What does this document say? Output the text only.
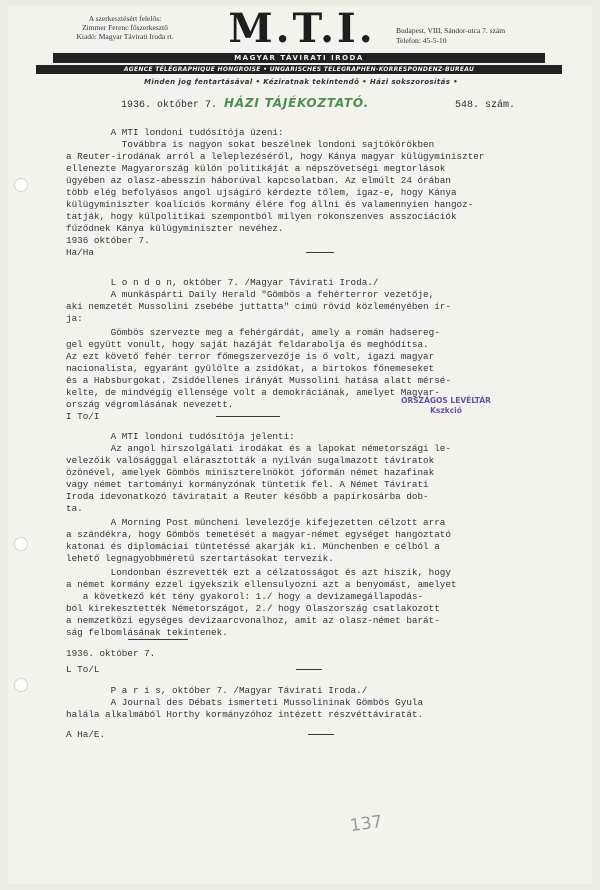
A szerkesztésért felelős:
Zimmer Ferenc főszerkesztő
Kiadó: Magyar Távirati Iroda rt.	M.T.I.	Budapest, VIII, Sándor-utca 7. szám
Telefon: 45-5-10
MAGYAR TÁVIRATI IRODA
AGENCE TÉLÉGRAPHIQUE HONGROISE • UNGARISCHES TELEGRAPHEN-KORRESPONDENZ-BUREAU
Minden jog fentartásával • Kéziratnak tekintendő • Házi sokszorosítás •
1936. október 7. HÁZI TÁJÉKOZTATÓ.	548. szám.
A MTI londoni tudósítója üzeni:
Továbbra is nagyon sokat beszélnek londoni sajtókörökben
a Reuter-irodának arról a leleplezéséről, hogy Kánya magyar külügyminiszter
ellenezte Magyarország külön politikáját a népszövetségi megtorlások
ügyében az olasz-abesszin háborúval kapcsolatban. Az elmúlt 24 órában
több elég befolyásos angol ujságíró kérdezte tőlem, igaz-e, hogy Kánya
külügyminiszter koalíciós kormány élére fog állni és valamennyien hangoz-
tatják, hogy külpolitikai szempontból milyen rokonszenves asszociációk
fűződnek Kánya külügyminiszter nevéhez.
1936 október 7.
Ha/Ha
L o n d o n, október 7. /Magyar Távirati Iroda./
A munkáspárti Daily Herald "Gömbös a fehérterror vezetője,
aki nemzetét Mussolini zsebébe juttatta" cimü rövid közleményében ír-
ja:
Gömbös szervezte meg a fehérgárdát, amely a román hadsereg-
gel együtt vonult, hogy saját hazáját feldarabolja és meghódítsa.
Az ezt követő fehér terror főmegszervezője is ő volt, igazi magyar
nacionalista, egyaránt gyülölte a zsidókat, a birtokos főnemeseket
és a Habsburgokat. Zsidóellenes irányát Mussolini hatása alatt mérsé-
kelte, de mindvégig ellensége volt a demokráciának, amelyet Magyar-
ország végromlásának nevezett.
I To/I
ORSZÁGOS LEVÉLTÁR
Kszkció
A MTI londoni tudósítója jelenti:
Az angol hírszolgálati irodákat és a lapokat németországi le-
velezőik valóságggal elárasztották a nyilván sugalmazott táviratok
özönével, amelyek Gömbös miniszterelnököt jóformán német hazafinak
vagy német tartományi kormányzónak tüntetik fel. A Német Távirati
Iroda idevonatkozó táviratait a Reuter később a papírkosárba dob-
ta.
A Morning Post müncheni levelezője kifejezetten célzott arra
a szándékra, hogy Gömbös temetését a magyar-német egységet hangoztató
katonai és diplomáciai tüntetéssé akarják ki. Münchenben e célból a
lehető legnagyobbméretű szertartásokat tervezik.
Londonban észrevették ezt a célzatosságot és azt hiszik, hogy
a német kormány ezzel igyekszik ellensulyozni azt a benyomást, amelyet
a következő két tény gyakorol: 1./ hogy a devizamegállapodás-
ból kirekesztették Németországot, 2./ hogy Olaszország csatlakozott
a nemzetközi egységes devizaarcvonalhoz, amit az olasz-német barát-
ság felbomlásának tekintenek.
1936. október 7.
L To/L
P a r i s, október 7. /Magyar Távirati Iroda./
A Journal des Débats ismerteti Mussolininak Gömbös Gyula
halála alkalmából Horthy kormányzóhoz intézett részvéttáviratát.
A Ha/E.
137
